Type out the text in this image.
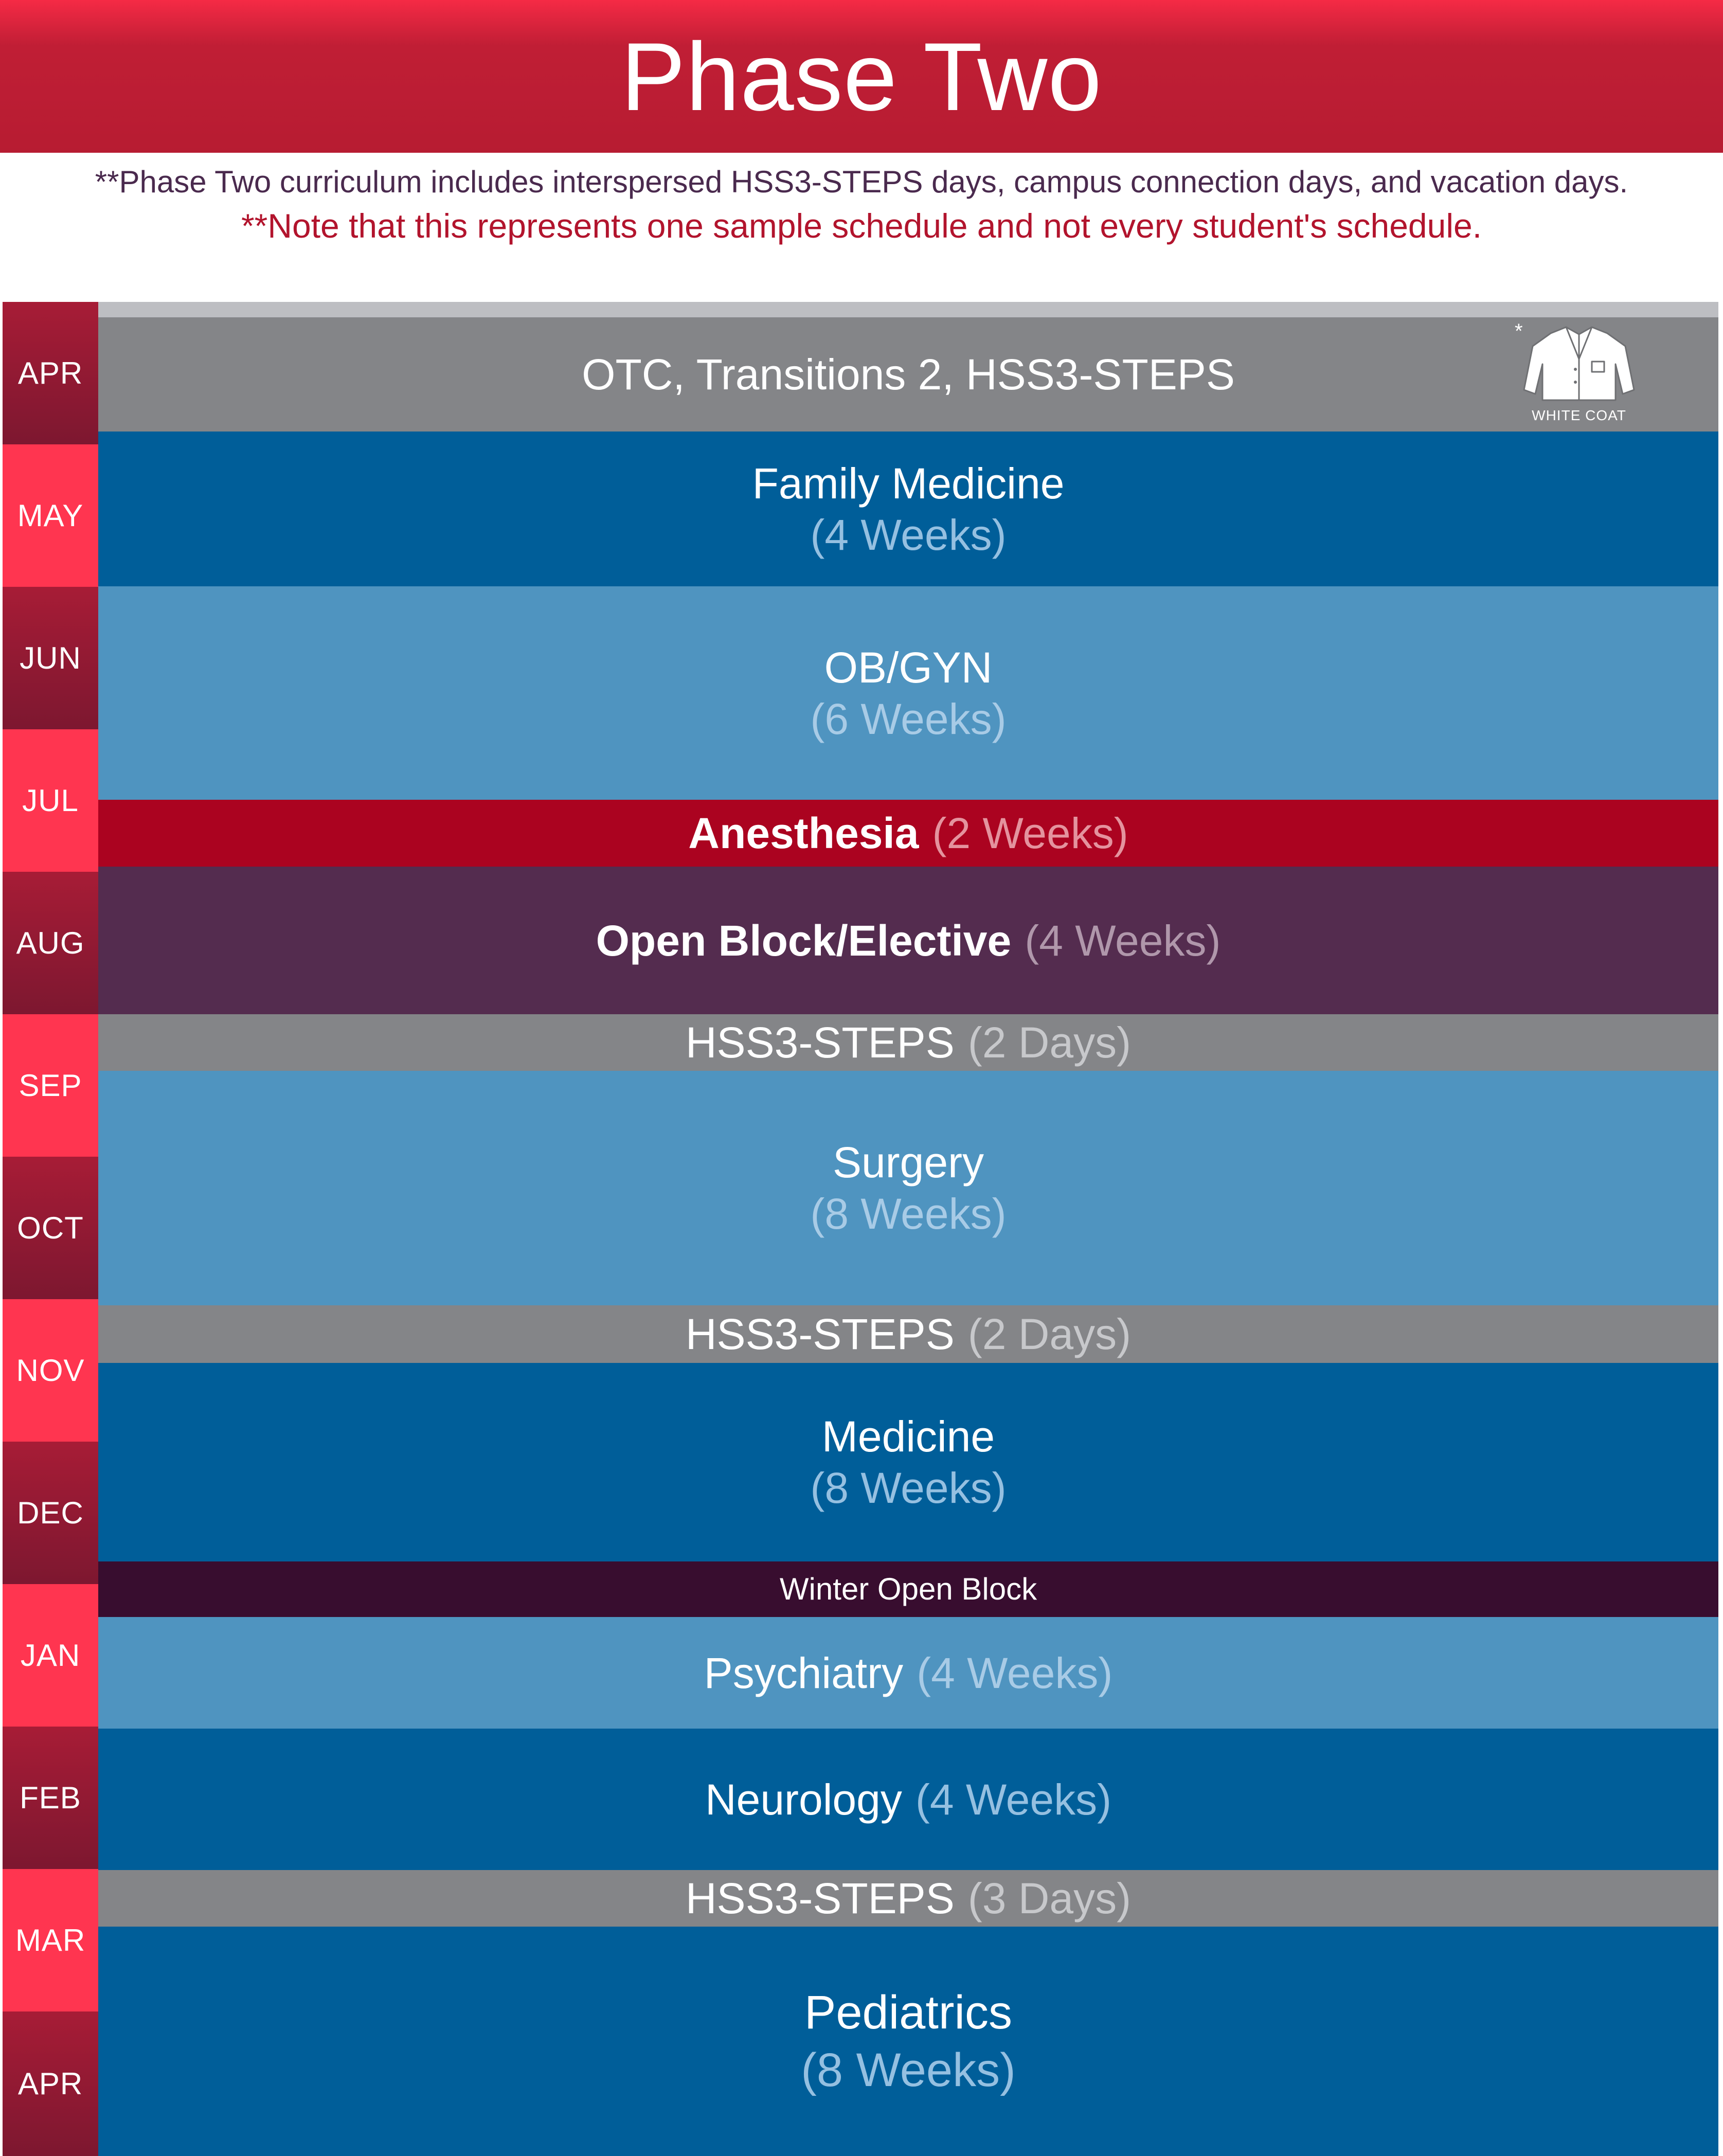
Phase Two
**Phase Two curriculum includes interspersed HSS3-STEPS days, campus connection days, and vacation days.
**Note that this represents one sample schedule and not every student's schedule.
APR
MAY
JUN
JUL
AUG
SEP
OCT
NOV
DEC
JAN
FEB
MAR
APR
OTC, Transitions 2, HSS3-STEPS
*
WHITE COAT
Family Medicine
(4 Weeks)
OB/GYN
(6 Weeks)
Anesthesia (2 Weeks)
Open Block/Elective (4 Weeks)
HSS3-STEPS (2 Days)
Surgery
(8 Weeks)
HSS3-STEPS (2 Days)
Medicine
(8 Weeks)
Winter Open Block
Psychiatry (4 Weeks)
Neurology (4 Weeks)
HSS3-STEPS (3 Days)
Pediatrics
(8 Weeks)
